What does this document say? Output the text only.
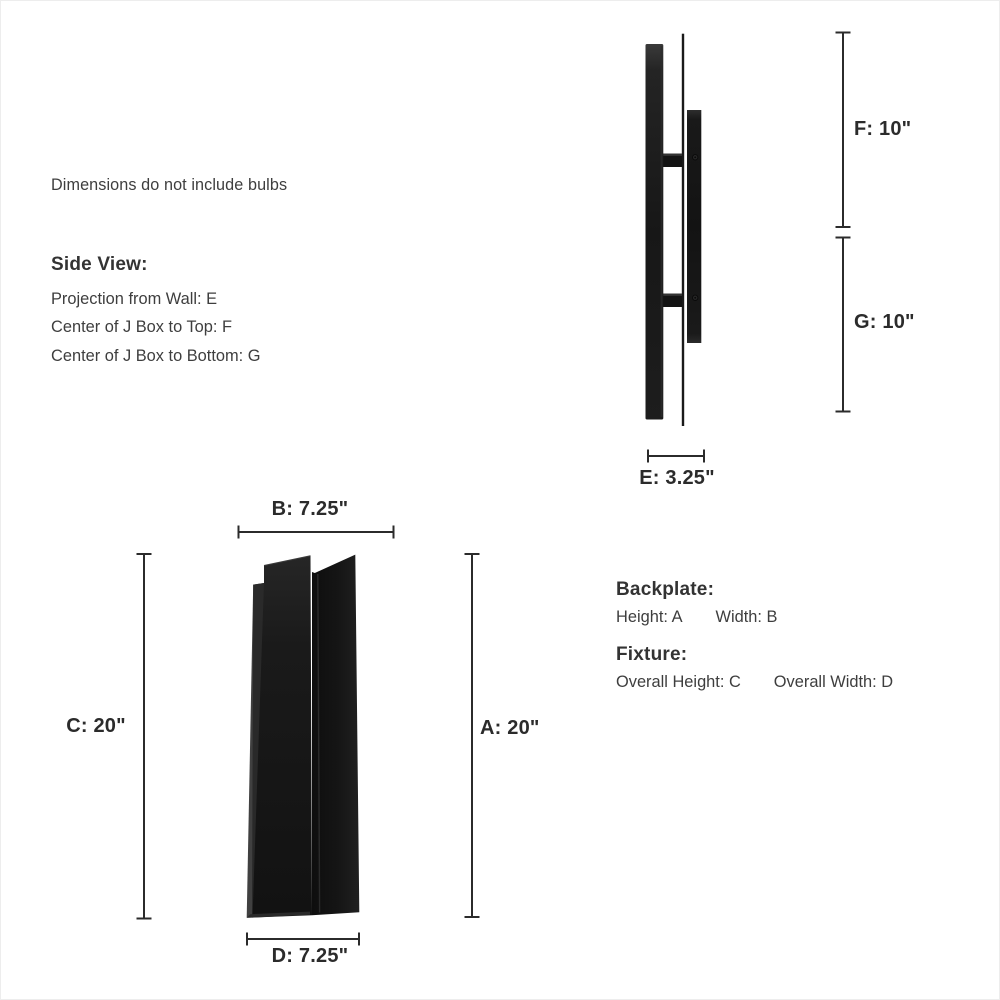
Dimensions do not include bulbs
Side View:
Projection from Wall: E
Center of J Box to Top: F
Center of J Box to Bottom: G
F: 10"
G: 10"
E: 3.25"
B: 7.25"
C: 20"	A: 20"
D: 7.25"
Backplate:
Height: A Width: B
Fixture:
Overall Height: C Overall Width: D
